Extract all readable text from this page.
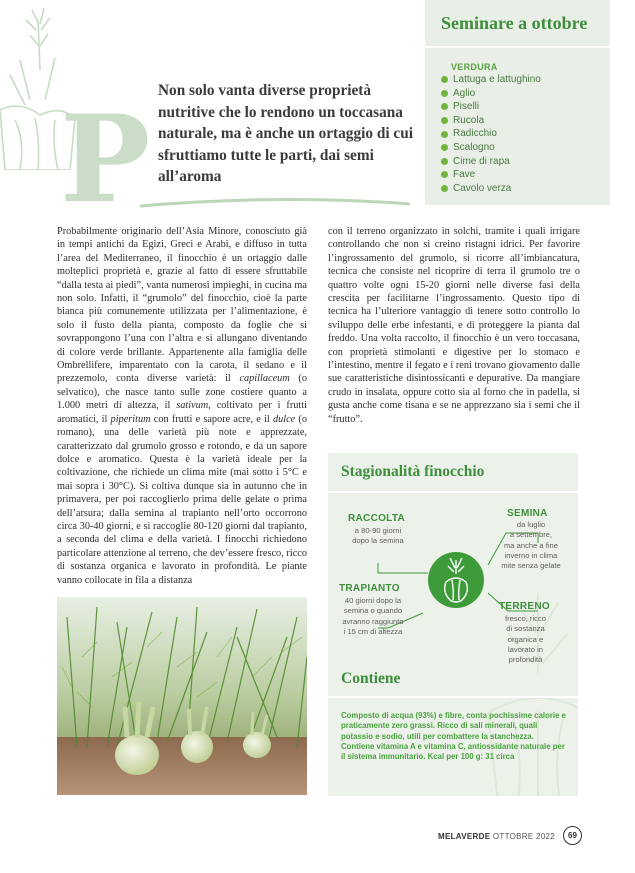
P Non solo vanta diverse proprietà nutritive che lo rendono un toccasana naturale, ma è anche un ortaggio di cui sfruttiamo tutte le parti, dai semi all’aroma
Seminare a ottobre
VERDURA
Lattuga e lattughino
Aglio
Piselli
Rucola
Radicchio
Scalogno
Cime di rapa
Fave
Cavolo verza

Probabilmente originario dell’Asia Minore, conosciuto già in tempi antichi da Egizi, Greci e Arabi, e diffuso in tutta l’area del Mediterraneo, il finocchio è un ortaggio dalle molteplici proprietà e, grazie al fatto di essere sfruttabile “dalla testa ai piedi”, vanta numerosi impieghi, in cucina ma non solo. Infatti, il “grumolo” del finocchio, cioè la parte bianca più comunemente utilizzata per l’alimentazione, è solo il fusto della pianta, composto da foglie che si sovrappongono l’una con l’altra e si allungano diventando di colore verde brillante. Appartenente alla famiglia delle Ombrellifere, imparentato con la carota, il sedano e il prezzemolo, conta diverse varietà: il capillaceum (o selvatico), che nasce tanto sulle zone costiere quanto a 1.000 metri di altezza, il sativum, coltivato per i frutti aromatici, il piperitum con frutti e sapore acre, e il dulce (o romano), una delle varietà più note e apprezzate, caratterizzato dal grumolo grosso e rotondo, e da un sapore dolce e aromatico. Questa è la varietà ideale per la coltivazione, che richiede un clima mite (mai sotto i 5°C e mai sopra i 30°C). Si coltiva dunque sia in autunno che in primavera, per poi raccoglierlo prima delle gelate o prima dell’arsura; dalla semina al trapianto nell’orto occorrono circa 30-40 giorni, e si raccoglie 80-120 giorni dal trapianto, a seconda del clima e della varietà. I finocchi richiedono particolare attenzione al terreno, che dev’essere fresco, ricco di sostanza organica e lavorato in profondità. Le piante vanno collocate in fila a distanza

con il terreno organizzato in solchi, tramite i quali irrigare controllando che non si creino ristagni idrici. Per favorire l’ingrossamento del grumolo, si ricorre all’imbiancatura, tecnica che consiste nel ricoprire di terra il grumolo tre o quattro volte ogni 15-20 giorni nelle diverse fasi della crescita per facilitarne l’ingrossamento. Questo tipo di tecnica ha l’ulteriore vantaggio di tenere sotto controllo lo sviluppo delle erbe infestanti, e di proteggere la pianta dal freddo. Una volta raccolto, il finocchio è un vero toccasana, con proprietà stimolanti e digestive per lo stomaco e l’intestino, mentre il fegato e i reni trovano giovamento dalle sue caratteristiche disintossicanti e depurative. Da mangiare crudo in insalata, oppure cotto sia al forno che in padella, si gusta anche come tisana e se ne apprezzano sia i semi che il “frutto”.

Stagionalità finocchio
RACCOLTA
a 80-90 giorni
dopo la semina
SEMINA
da luglio
a settembre,
ma anche a fine
inverno in clima
mite senza gelate
TRAPIANTO
40 giorni dopo la
semina o quando
avranno raggiunto
i 15 cm di altezza
TERRENO
fresco, ricco
di sostanza
organica e
lavorato in
profondità
Contiene
Composto di acqua (93%) e fibre, conta pochissime calorie e praticamente zero grassi. Ricco di sali minerali, quali potassio e sodio, utili per combattere la stanchezza. Contiene vitamina A e vitamina C, antiossidante naturale per il sistema immunitario. Kcal per 100 g: 31 circa
MELAVERDE OTTOBRE 2022	69
